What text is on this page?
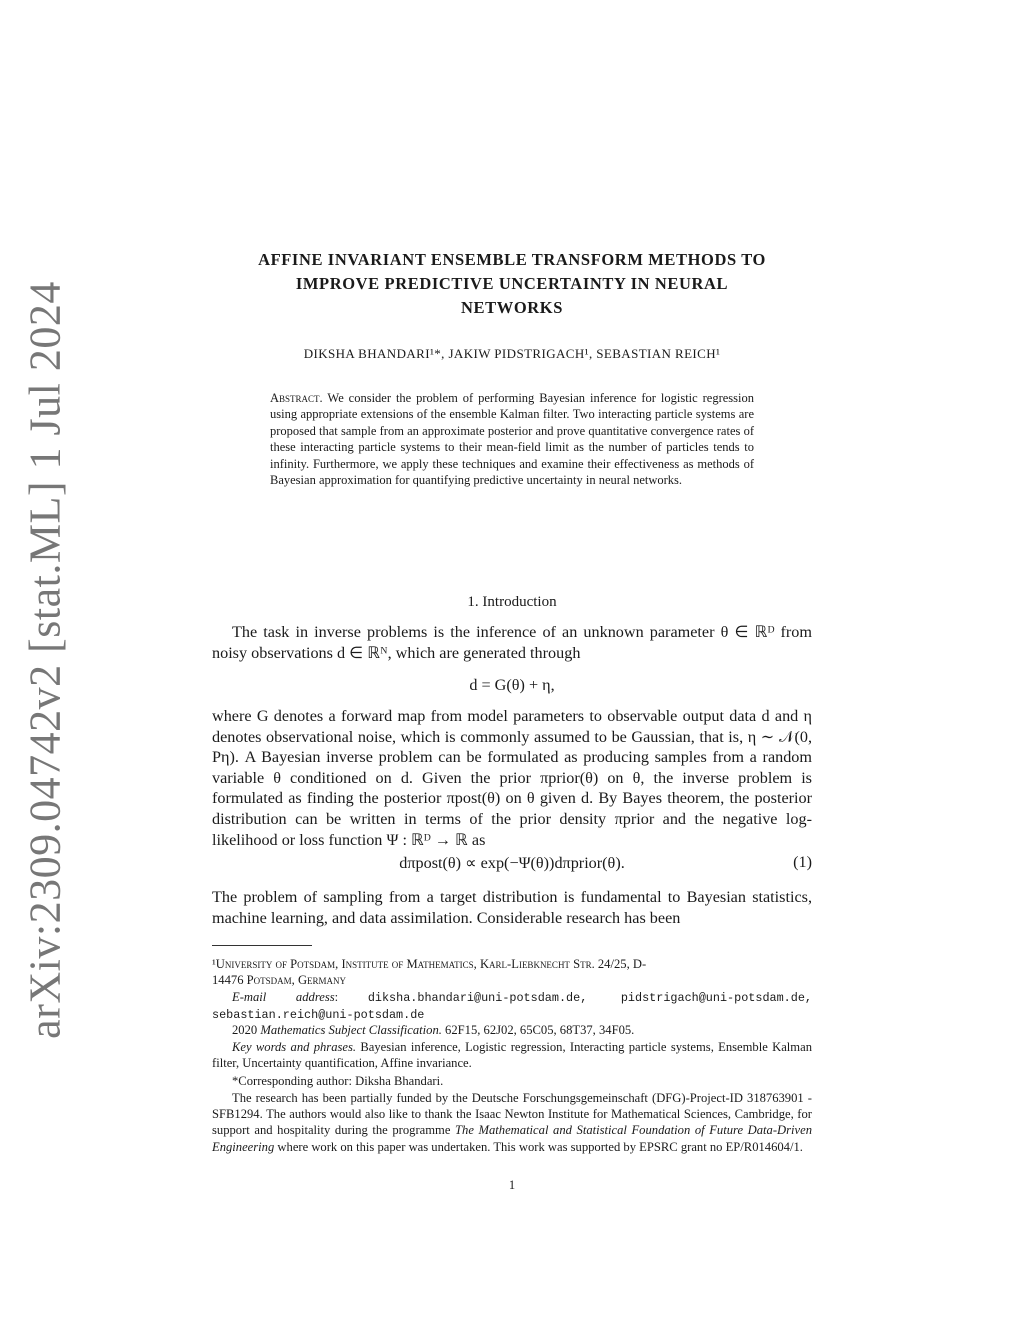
arXiv:2309.04742v2 [stat.ML] 1 Jul 2024
AFFINE INVARIANT ENSEMBLE TRANSFORM METHODS TO
IMPROVE PREDICTIVE UNCERTAINTY IN NEURAL
NETWORKS
DIKSHA BHANDARI¹*, JAKIW PIDSTRIGACH¹, SEBASTIAN REICH¹
Abstract. We consider the problem of performing Bayesian inference for logistic regression using appropriate extensions of the ensemble Kalman filter. Two interacting particle systems are proposed that sample from an approximate posterior and prove quantitative convergence rates of these interacting particle systems to their mean-field limit as the number of particles tends to infinity. Furthermore, we apply these techniques and examine their effectiveness as methods of Bayesian approximation for quantifying predictive uncertainty in neural networks.
1. Introduction
The task in inverse problems is the inference of an unknown parameter θ ∈ ℝᴰ from noisy observations d ∈ ℝᴺ, which are generated through
d = G(θ) + η,
where G denotes a forward map from model parameters to observable output data d and η denotes observational noise, which is commonly assumed to be Gaussian, that is, η ∼ 𝒩(0, Pη). A Bayesian inverse problem can be formulated as producing samples from a random variable θ conditioned on d. Given the prior πprior(θ) on θ, the inverse problem is formulated as finding the posterior πpost(θ) on θ given d. By Bayes theorem, the posterior distribution can be written in terms of the prior density πprior and the negative log-likelihood or loss function Ψ : ℝᴰ → ℝ as
dπpost(θ) ∝ exp(−Ψ(θ))dπprior(θ).	(1)
The problem of sampling from a target distribution is fundamental to Bayesian statistics, machine learning, and data assimilation. Considerable research has been
¹University of Potsdam, Institute of Mathematics, Karl-Liebknecht Str. 24/25, D-
14476 Potsdam, Germany
E-mail address: diksha.bhandari@uni-potsdam.de, pidstrigach@uni-potsdam.de, sebastian.reich@uni-potsdam.de
2020 Mathematics Subject Classification. 62F15, 62J02, 65C05, 68T37, 34F05.
Key words and phrases. Bayesian inference, Logistic regression, Interacting particle systems, Ensemble Kalman filter, Uncertainty quantification, Affine invariance.
*Corresponding author: Diksha Bhandari.
The research has been partially funded by the Deutsche Forschungsgemeinschaft (DFG)-Project-ID 318763901 - SFB1294. The authors would also like to thank the Isaac Newton Institute for Mathematical Sciences, Cambridge, for support and hospitality during the programme The Mathematical and Statistical Foundation of Future Data-Driven Engineering where work on this paper was undertaken. This work was supported by EPSRC grant no EP/R014604/1.
1
